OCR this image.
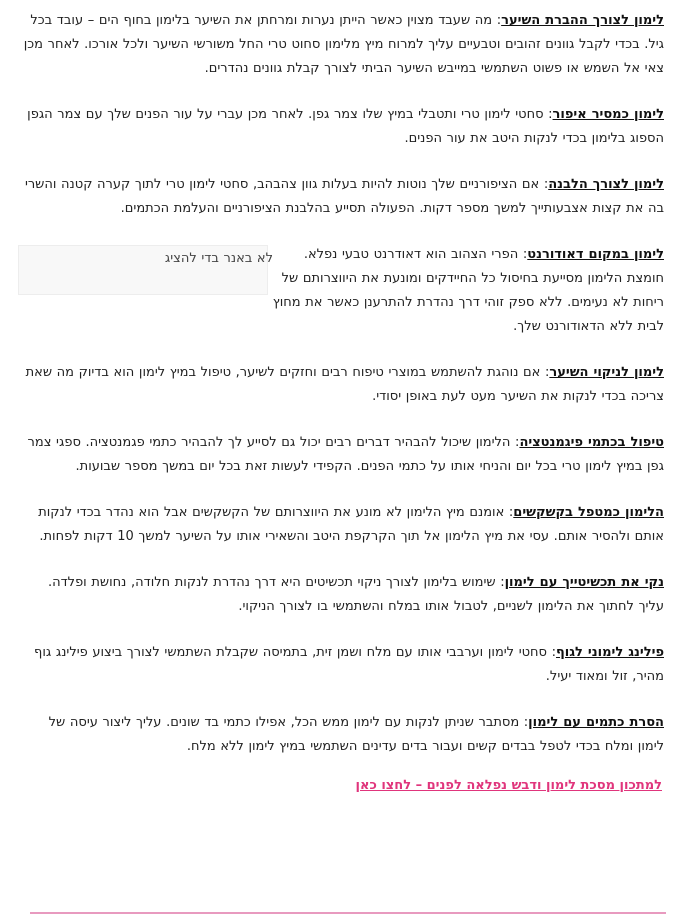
לימון לצורך ההברת השיער: מה שעבד מצוין כאשר הייתן נערות ומרחתן את השיער בלימון בחוף הים – עובד בכל גיל. בכדי לקבל גוונים זהובים וטבעיים עליך למרוח מיץ מלימון סחוט טרי החל משורשי השיער ולכל אורכו. לאחר מכן צאי אל השמש או פשוט השתמשי במייבש השיער הביתי לצורך קבלת גוונים נהדרים.

לימון כמסיר איפור: סחטי לימון טרי ותטבלי במיץ שלו צמר גפן. לאחר מכן עברי על עור הפנים שלך עם צמר הגפן הספוג בלימון בכדי לנקות היטב את עור הפנים.

לימון לצורך הלבנה: אם הציפורניים שלך נוטות להיות בעלות גוון צהבהב, סחטי לימון טרי לתוך קערה קטנה והשרי בה את קצות אצבעותייך למשך מספר דקות. הפעולה תסייע בהלבנת הציפורניים והעלמת הכתמים.

לא באנר בדי להציג	לימון במקום דאודורנט: הפרי הצהוב הוא דאודרנט טבעי נפלא. חומצת הלימון מסייעת בחיסול כל החיידקים ומונעת את היווצרותם של ריחות לא נעימים. ללא ספק זוהי דרך נהדרת להתרענן כאשר את מחוץ לבית ללא הדאודורנט שלך.

לימון לניקוי השיער: אם נוהגת להשתמש במוצרי טיפוח רבים וחזקים לשיער, טיפול במיץ לימון הוא בדיוק מה שאת צריכה בכדי לנקות את השיער מעט לעת באופן יסודי.

טיפול בכתמי פיגמנטציה: הלימון שיכול להבהיר דברים רבים יכול גם לסייע לך להבהיר כתמי פגמנטציה. ספגי צמר גפן במיץ לימון טרי בכל יום והניחי אותו על כתמי הפנים. הקפידי לעשות זאת בכל יום במשך מספר שבועות.

הלימון כמטפל בקשקשים: אומנם מיץ הלימון לא מונע את היווצרותם של הקשקשים אבל הוא נהדר בכדי לנקות אותם ולהסיר אותם. עסי את מיץ הלימון אל תוך הקרקפת היטב והשאירי אותו על השיער למשך 10 דקות לפחות.

נקי את תכשיטייך עם לימון: שימוש בלימון לצורך ניקוי תכשיטים היא דרך נהדרת לנקות חלודה, נחושת ופלדה. עליך לחתוך את הלימון לשניים, לטבול אותו במלח והשתמשי בו לצורך הניקוי.

פילינג לימוני לגוף: סחטי לימון וערבבי אותו עם מלח ושמן זית, בתמיסה שקבלת השתמשי לצורך ביצוע פילינג גוף מהיר, זול ומאוד יעיל.

הסרת כתמים עם לימון: מסתבר שניתן לנקות עם לימון ממש הכל, אפילו כתמי בד שונים. עליך ליצור עיסה של לימון ומלח בכדי לטפל בבדים קשים ועבור בדים עדינים השתמשי במיץ לימון ללא מלח.

למתכון מסכת לימון ודבש נפלאה לפנים – לחצו כאן
